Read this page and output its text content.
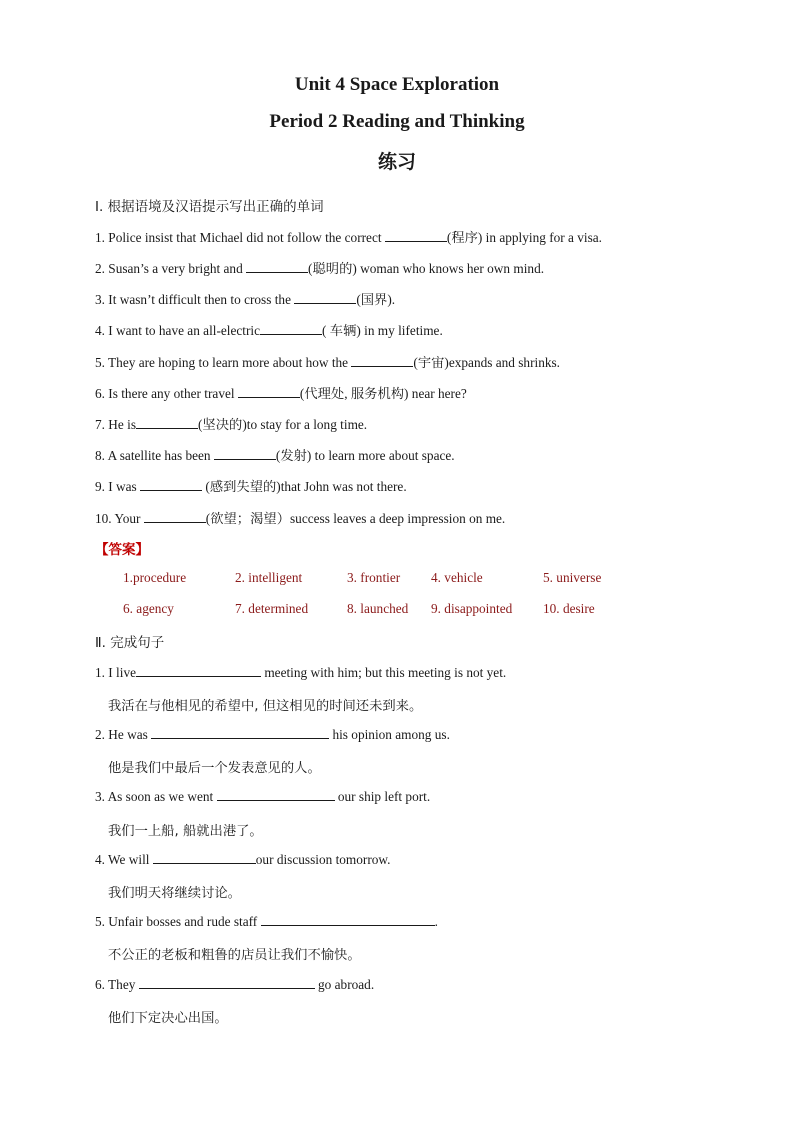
Unit 4 Space Exploration
Period 2 Reading and Thinking
练习
Ⅰ. 根据语境及汉语提示写出正确的单词
1. Police insist that Michael did not follow the correct	(程序) in applying for a visa.
2. Susan’s a very bright and	(聪明的) woman who knows her own mind.
3. It wasn’t difficult then to cross the	(国界).
4. I want to have an all-electric	( 车辆) in my lifetime.
5. They are hoping to learn more about how the	(宇宙)expands and shrinks.
6. Is there any other travel	(代理处, 服务机构) near here?
7. He is	(坚决的)to stay for a long time.
8. A satellite has been	(发射) to learn more about space.
9. I was	(感到失望的)that John was not there.
10. Your	(欲望；渴望）success leaves a deep impression on me.
【答案】
1.procedure	2. intelligent	3. frontier 4. vehicle	5. universe
6. agency	7. determined	8. launched 9. disappointed 10. desire
Ⅱ. 完成句子
1. I live	meeting with him; but this meeting is not yet.
我活在与他相见的希望中, 但这相见的时间还未到来。
2. He was	his opinion among us.
他是我们中最后一个发表意见的人。
3. As soon as we went	our ship left port.
我们一上船, 船就出港了。
4. We will	our discussion tomorrow.
我们明天将继续讨论。
5. Unfair bosses and rude staff	.
不公正的老板和粗鲁的店员让我们不愉快。
6. They	go abroad.
他们下定决心出国。
